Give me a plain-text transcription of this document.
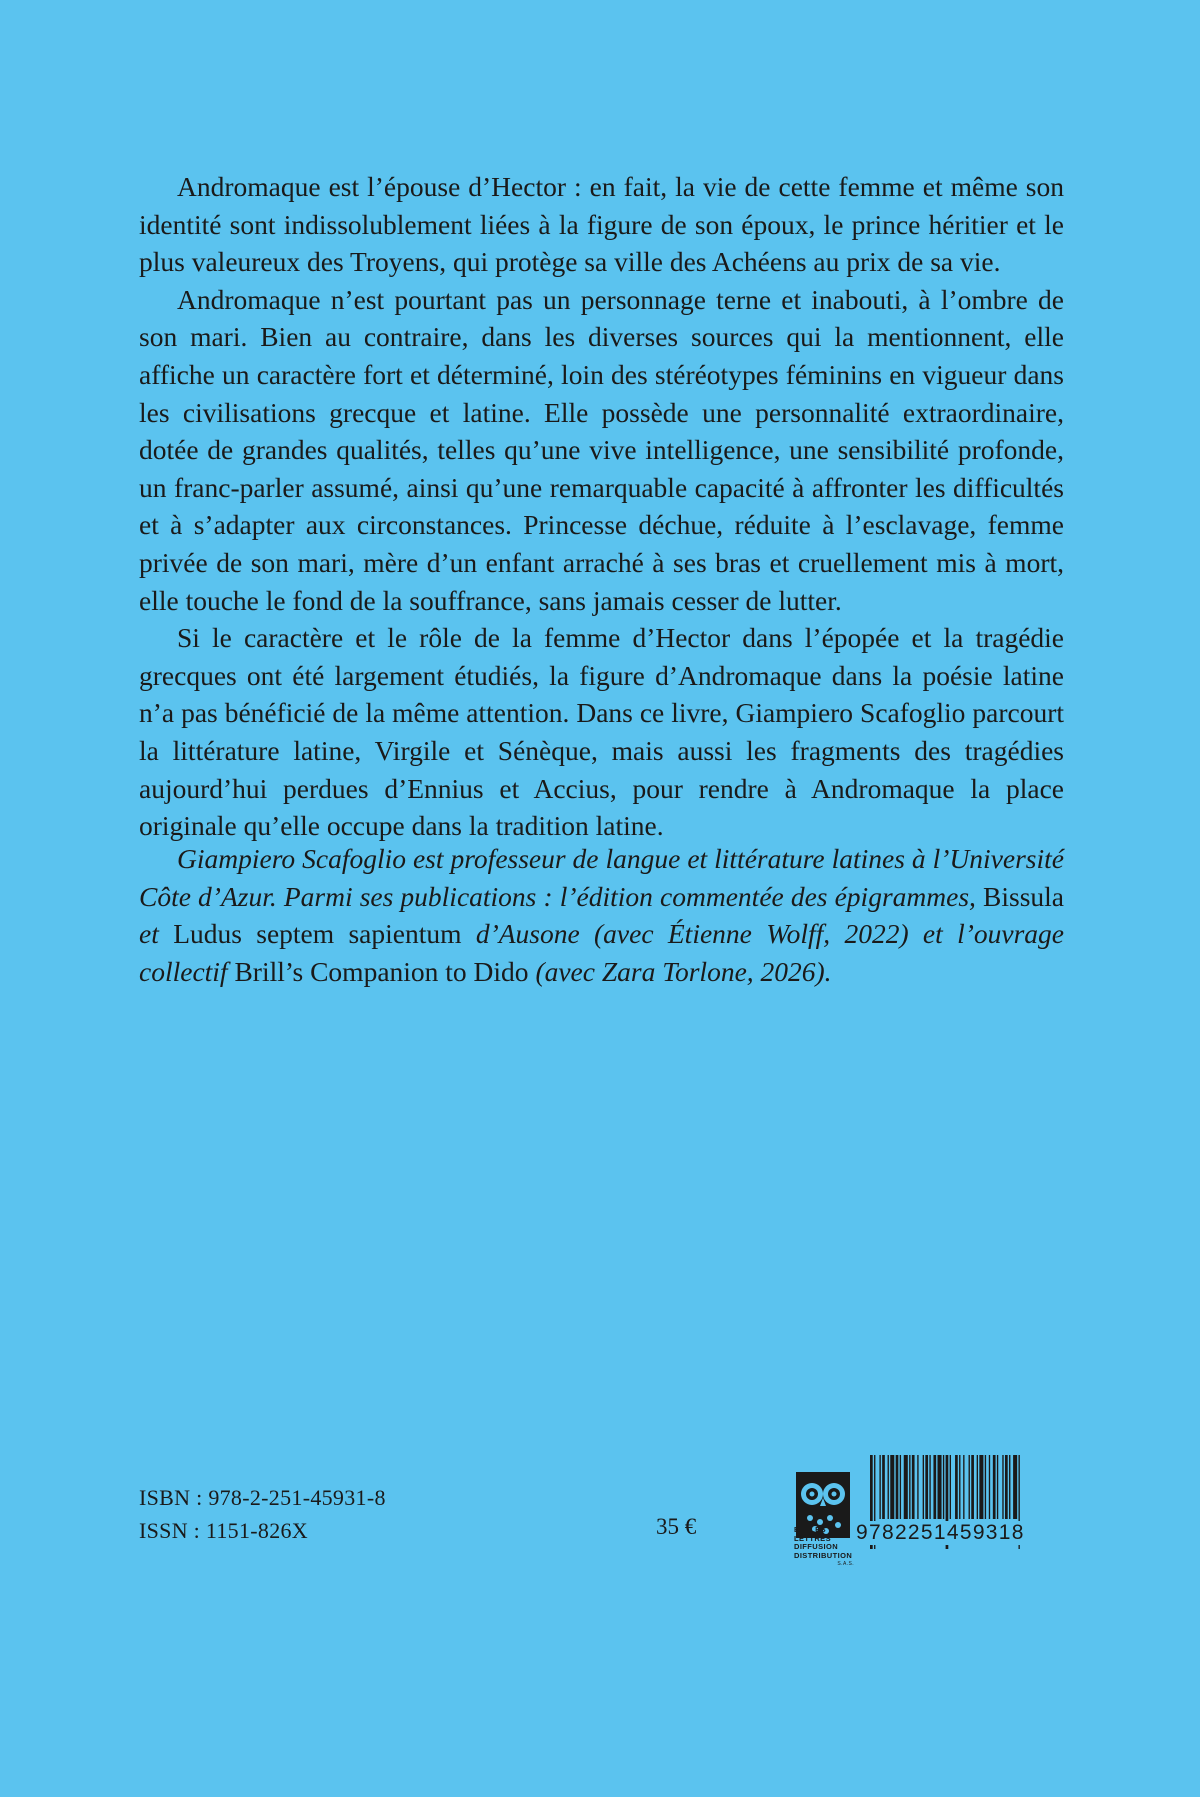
Andromaque est l’épouse d’Hector : en fait, la vie de cette femme et même son identité sont indissolublement liées à la figure de son époux, le prince héritier et le plus valeureux des Troyens, qui protège sa ville des Achéens au prix de sa vie.

Andromaque n’est pourtant pas un personnage terne et inabouti, à l’ombre de son mari. Bien au contraire, dans les diverses sources qui la mentionnent, elle affiche un caractère fort et déterminé, loin des stéréotypes féminins en vigueur dans les civilisations grecque et latine. Elle possède une personnalité extraordinaire, dotée de grandes qualités, telles qu’une vive intelligence, une sensibilité profonde, un franc-parler assumé, ainsi qu’une remarquable capacité à affronter les difficultés et à s’adapter aux circonstances. Princesse déchue, réduite à l’esclavage, femme privée de son mari, mère d’un enfant arraché à ses bras et cruellement mis à mort, elle touche le fond de la souffrance, sans jamais cesser de lutter.

Si le caractère et le rôle de la femme d’Hector dans l’épopée et la tragédie grecques ont été largement étudiés, la figure d’Andromaque dans la poésie latine n’a pas bénéficié de la même attention. Dans ce livre, Giampiero Scafoglio parcourt la littérature latine, Virgile et Sénèque, mais aussi les fragments des tragédies aujourd’hui perdues d’Ennius et Accius, pour rendre à Andromaque la place originale qu’elle occupe dans la tradition latine.

Giampiero Scafoglio est professeur de langue et littérature latines à l’Université Côte d’Azur. Parmi ses publications : l’édition commentée des épigrammes, Bissula et Ludus septem sapientum d’Ausone (avec Étienne Wolff, 2022) et l’ouvrage collectif Brill’s Companion to Dido (avec Zara Torlone, 2026).

ISBN : 978-2-251-45931-8
ISSN : 1151-826X	35 €	BELLES LETTRES
DIFFUSION
DISTRIBUTION
S.A.S.
9782251459318
